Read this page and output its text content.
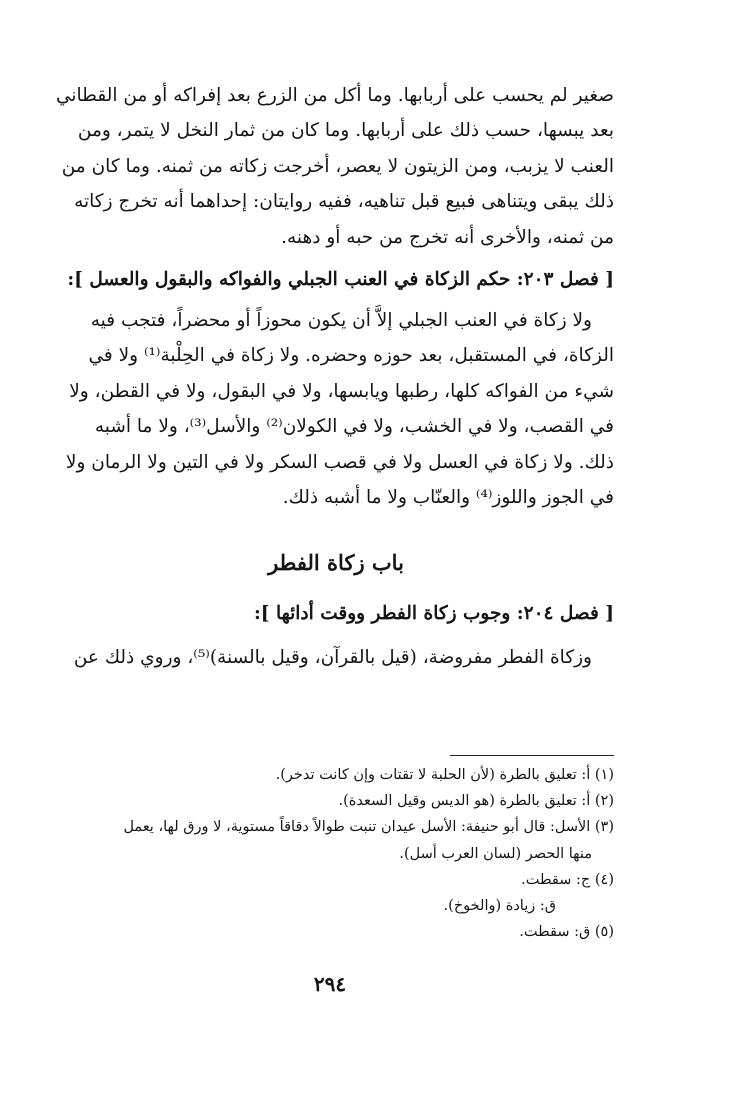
صغير لم يحسب على أربابها. وما أكل من الزرع بعد إفراكه أو من القطاني
بعد يبسها، حسب ذلك على أربابها. وما كان من ثمار النخل لا يتمر، ومن
العنب لا يزبب، ومن الزيتون لا يعصر، أخرجت زكاته من ثمنه. وما كان من
ذلك يبقى ويتناهى فبيع قبل تناهيه، ففيه روايتان: إحداهما أنه تخرج زكاته
من ثمنه، والأخرى أنه تخرج من حبه أو دهنه.
[ فصل ٢٠٣: حكم الزكاة في العنب الجبلي والفواكه والبقول والعسل ]:
ولا زكاة في العنب الجبلي إلاَّ أن يكون محوزاً أو محضراً، فتجب فيه
الزكاة، في المستقبل، بعد حوزه وحضره. ولا زكاة في الحِلْبة⁽¹⁾ ولا في
شيء من الفواكه كلها، رطبها ويابسها، ولا في البقول، ولا في القطن، ولا
في القصب، ولا في الخشب، ولا في الكولان⁽²⁾ والأسل⁽³⁾، ولا ما أشبه
ذلك. ولا زكاة في العسل ولا في قصب السكر ولا في التين ولا الرمان ولا
في الجوز واللوز⁽⁴⁾ والعنّاب ولا ما أشبه ذلك.
باب زكاة الفطر
[ فصل ٢٠٤: وجوب زكاة الفطر ووقت أدائها ]:
وزكاة الفطر مفروضة، (قيل بالقرآن، وقيل بالسنة)⁽⁵⁾، وروي ذلك عن
(١) أ: تعليق بالطرة (لأن الحلبة لا تقتات وإن كانت تدخر).
(٢) أ: تعليق بالطرة (هو الديس وقيل السعدة).
(٣) الأسل: قال أبو حنيفة: الأسل عيدان تنبت طوالاً دقاقاً مستوية، لا ورق لها، يعمل
منها الحصر (لسان العرب أسل).
(٤) ج: سقطت.
ق: زيادة (والخوخ).
(٥) ق: سقطت.
٢٩٤
